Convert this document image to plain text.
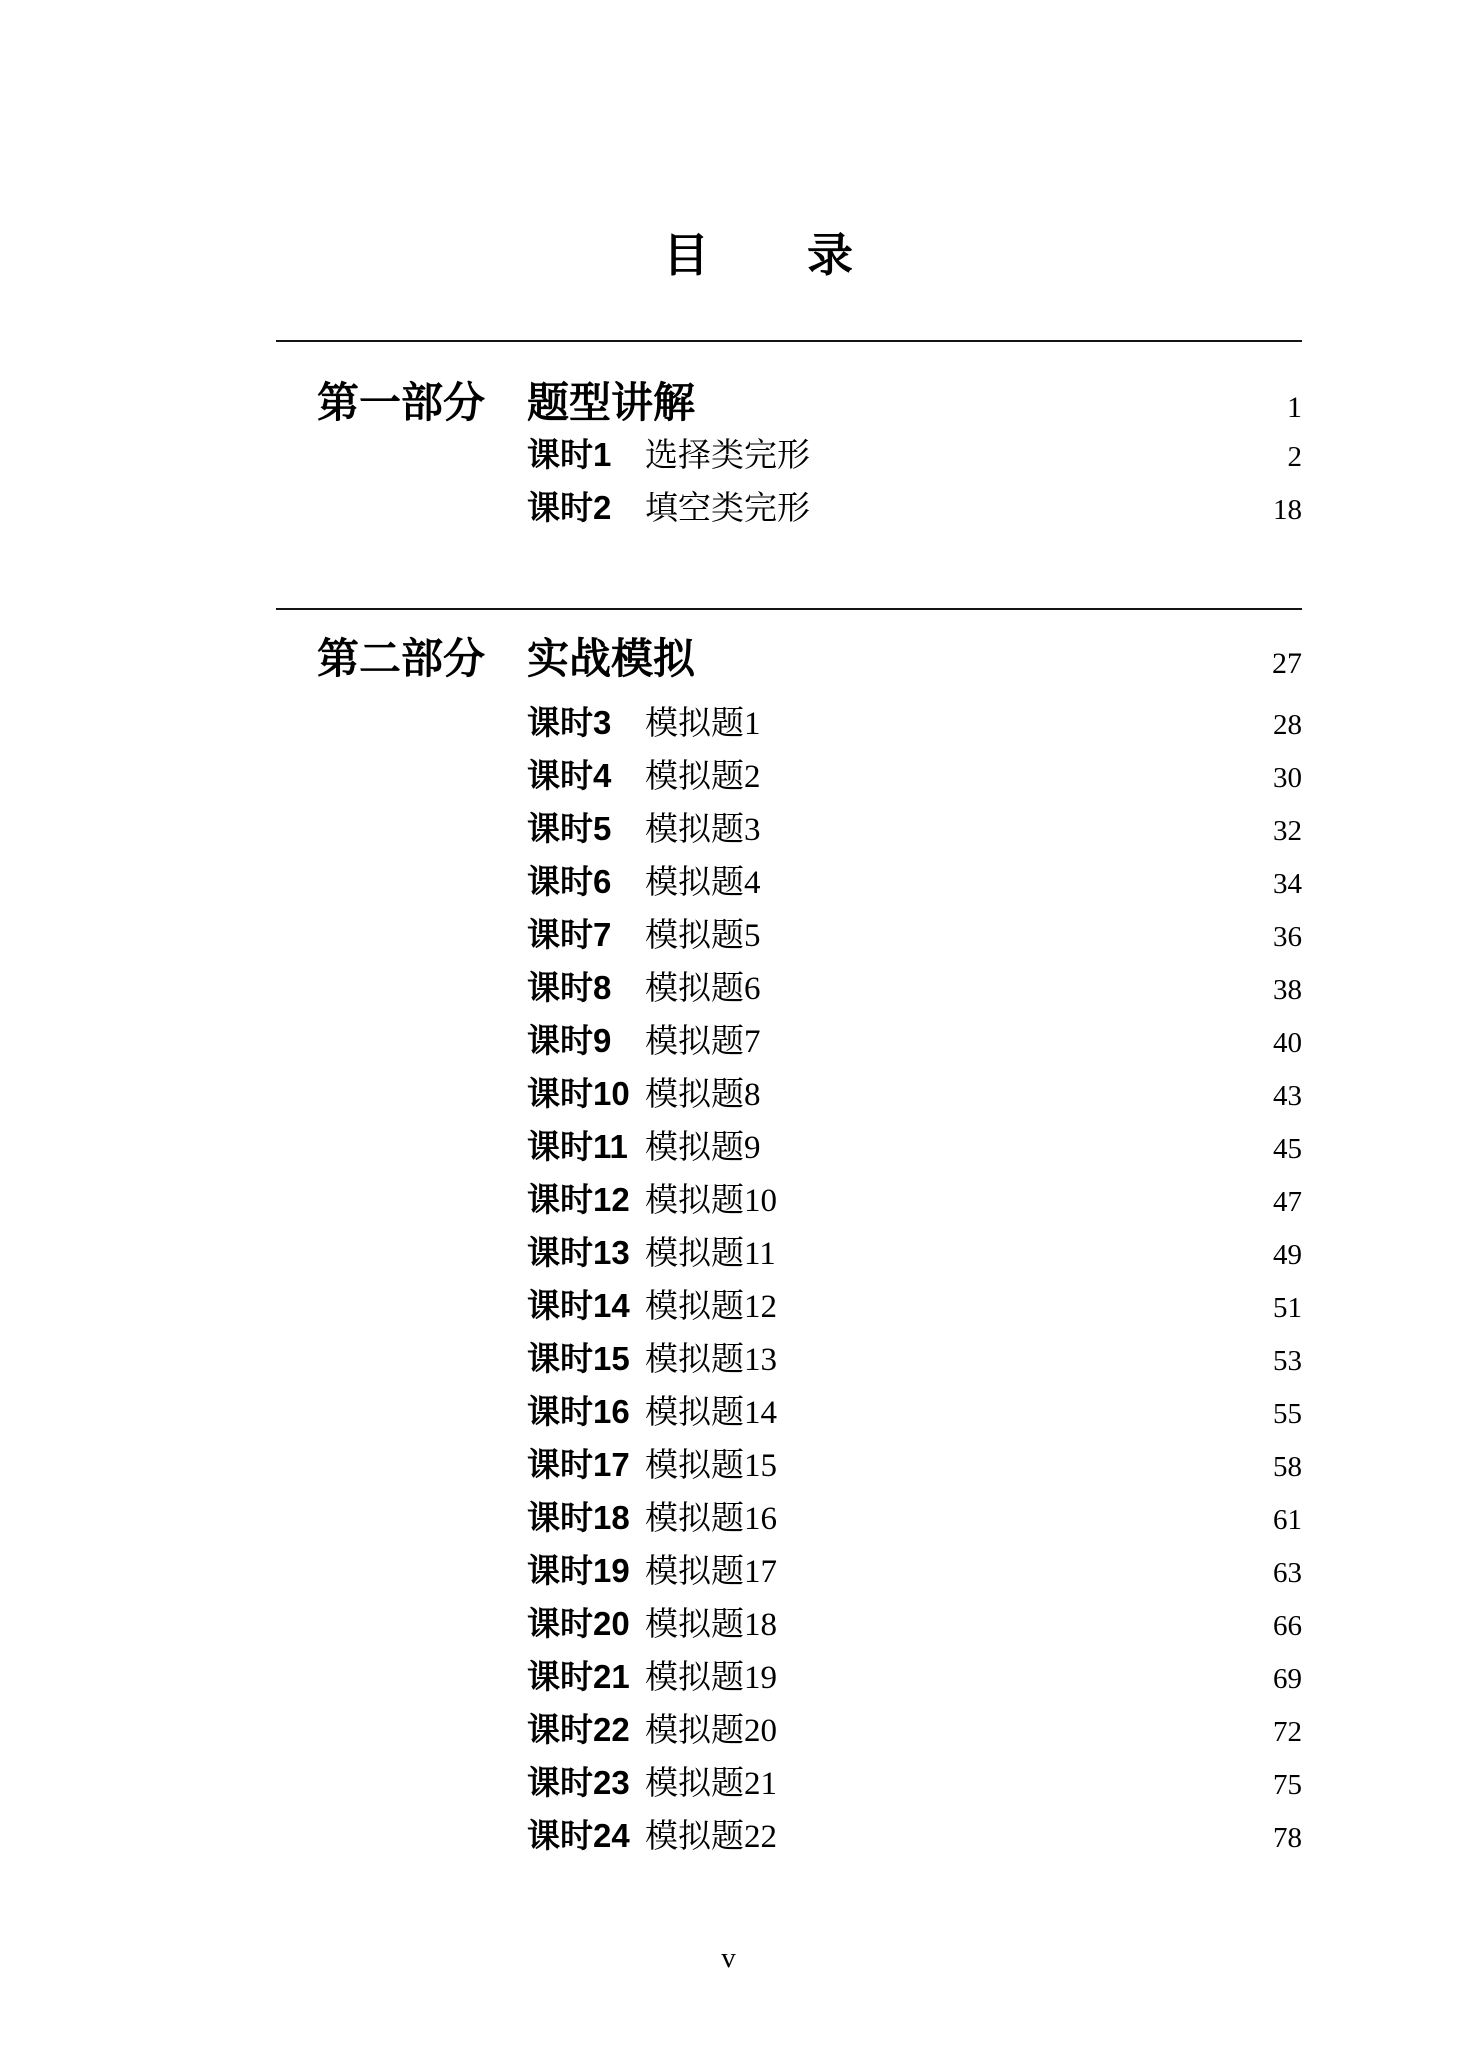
目　　录
第一部分 题型讲解	1
课时1	选择类完形	2
课时2	填空类完形	18
第二部分 实战模拟	27
课时3	模拟题1	28
课时4	模拟题2	30
课时5	模拟题3	32
课时6	模拟题4	34
课时7	模拟题5	36
课时8	模拟题6	38
课时9	模拟题7	40
课时10 模拟题8	43
课时11 模拟题9	45
课时12 模拟题10	47
课时13 模拟题11	49
课时14 模拟题12	51
课时15 模拟题13	53
课时16 模拟题14	55
课时17 模拟题15	58
课时18 模拟题16	61
课时19 模拟题17	63
课时20 模拟题18	66
课时21 模拟题19	69
课时22 模拟题20	72
课时23 模拟题21	75
课时24 模拟题22	78
v
